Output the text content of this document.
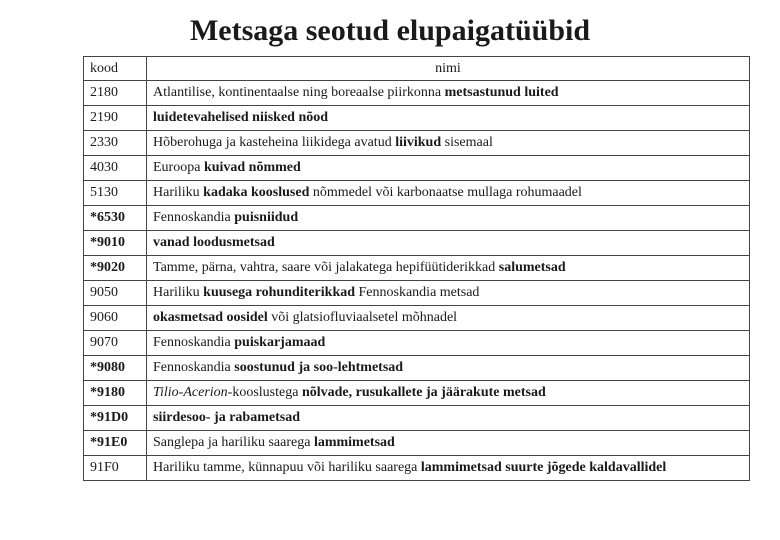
Metsaga seotud elupaigatüübid
kood	nimi
2180	Atlantilise, kontinentaalse ning boreaalse piirkonna metsastunud luited
2190	luidetevahelised niisked nõod
2330	Hõberohuga ja kasteheina liikidega avatud liivikud sisemaal
4030	Euroopa kuivad nõmmed
5130	Hariliku kadaka kooslused nõmmedel või karbonaatse mullaga rohumaadel
*6530	Fennoskandia puisniidud
*9010	vanad loodusmetsad
*9020	Tamme, pärna, vahtra, saare või jalakatega hepifüütiderikkad salumetsad
9050	Hariliku kuusega rohunditerikkad Fennoskandia metsad
9060	okasmetsad oosidel või glatsiofluviaalsetel mõhnadel
9070	Fennoskandia puiskarjamaad
*9080	Fennoskandia soostunud ja soo-lehtmetsad
*9180	Tilio-Acerion-kooslustega nõlvade, rusukallete ja jäärakute metsad
*91D0	siirdesoo- ja rabametsad
*91E0	Sanglepa ja hariliku saarega lammimetsad
91F0	Hariliku tamme, künnapuu või hariliku saarega lammimetsad suurte jõgede kaldavallidel
